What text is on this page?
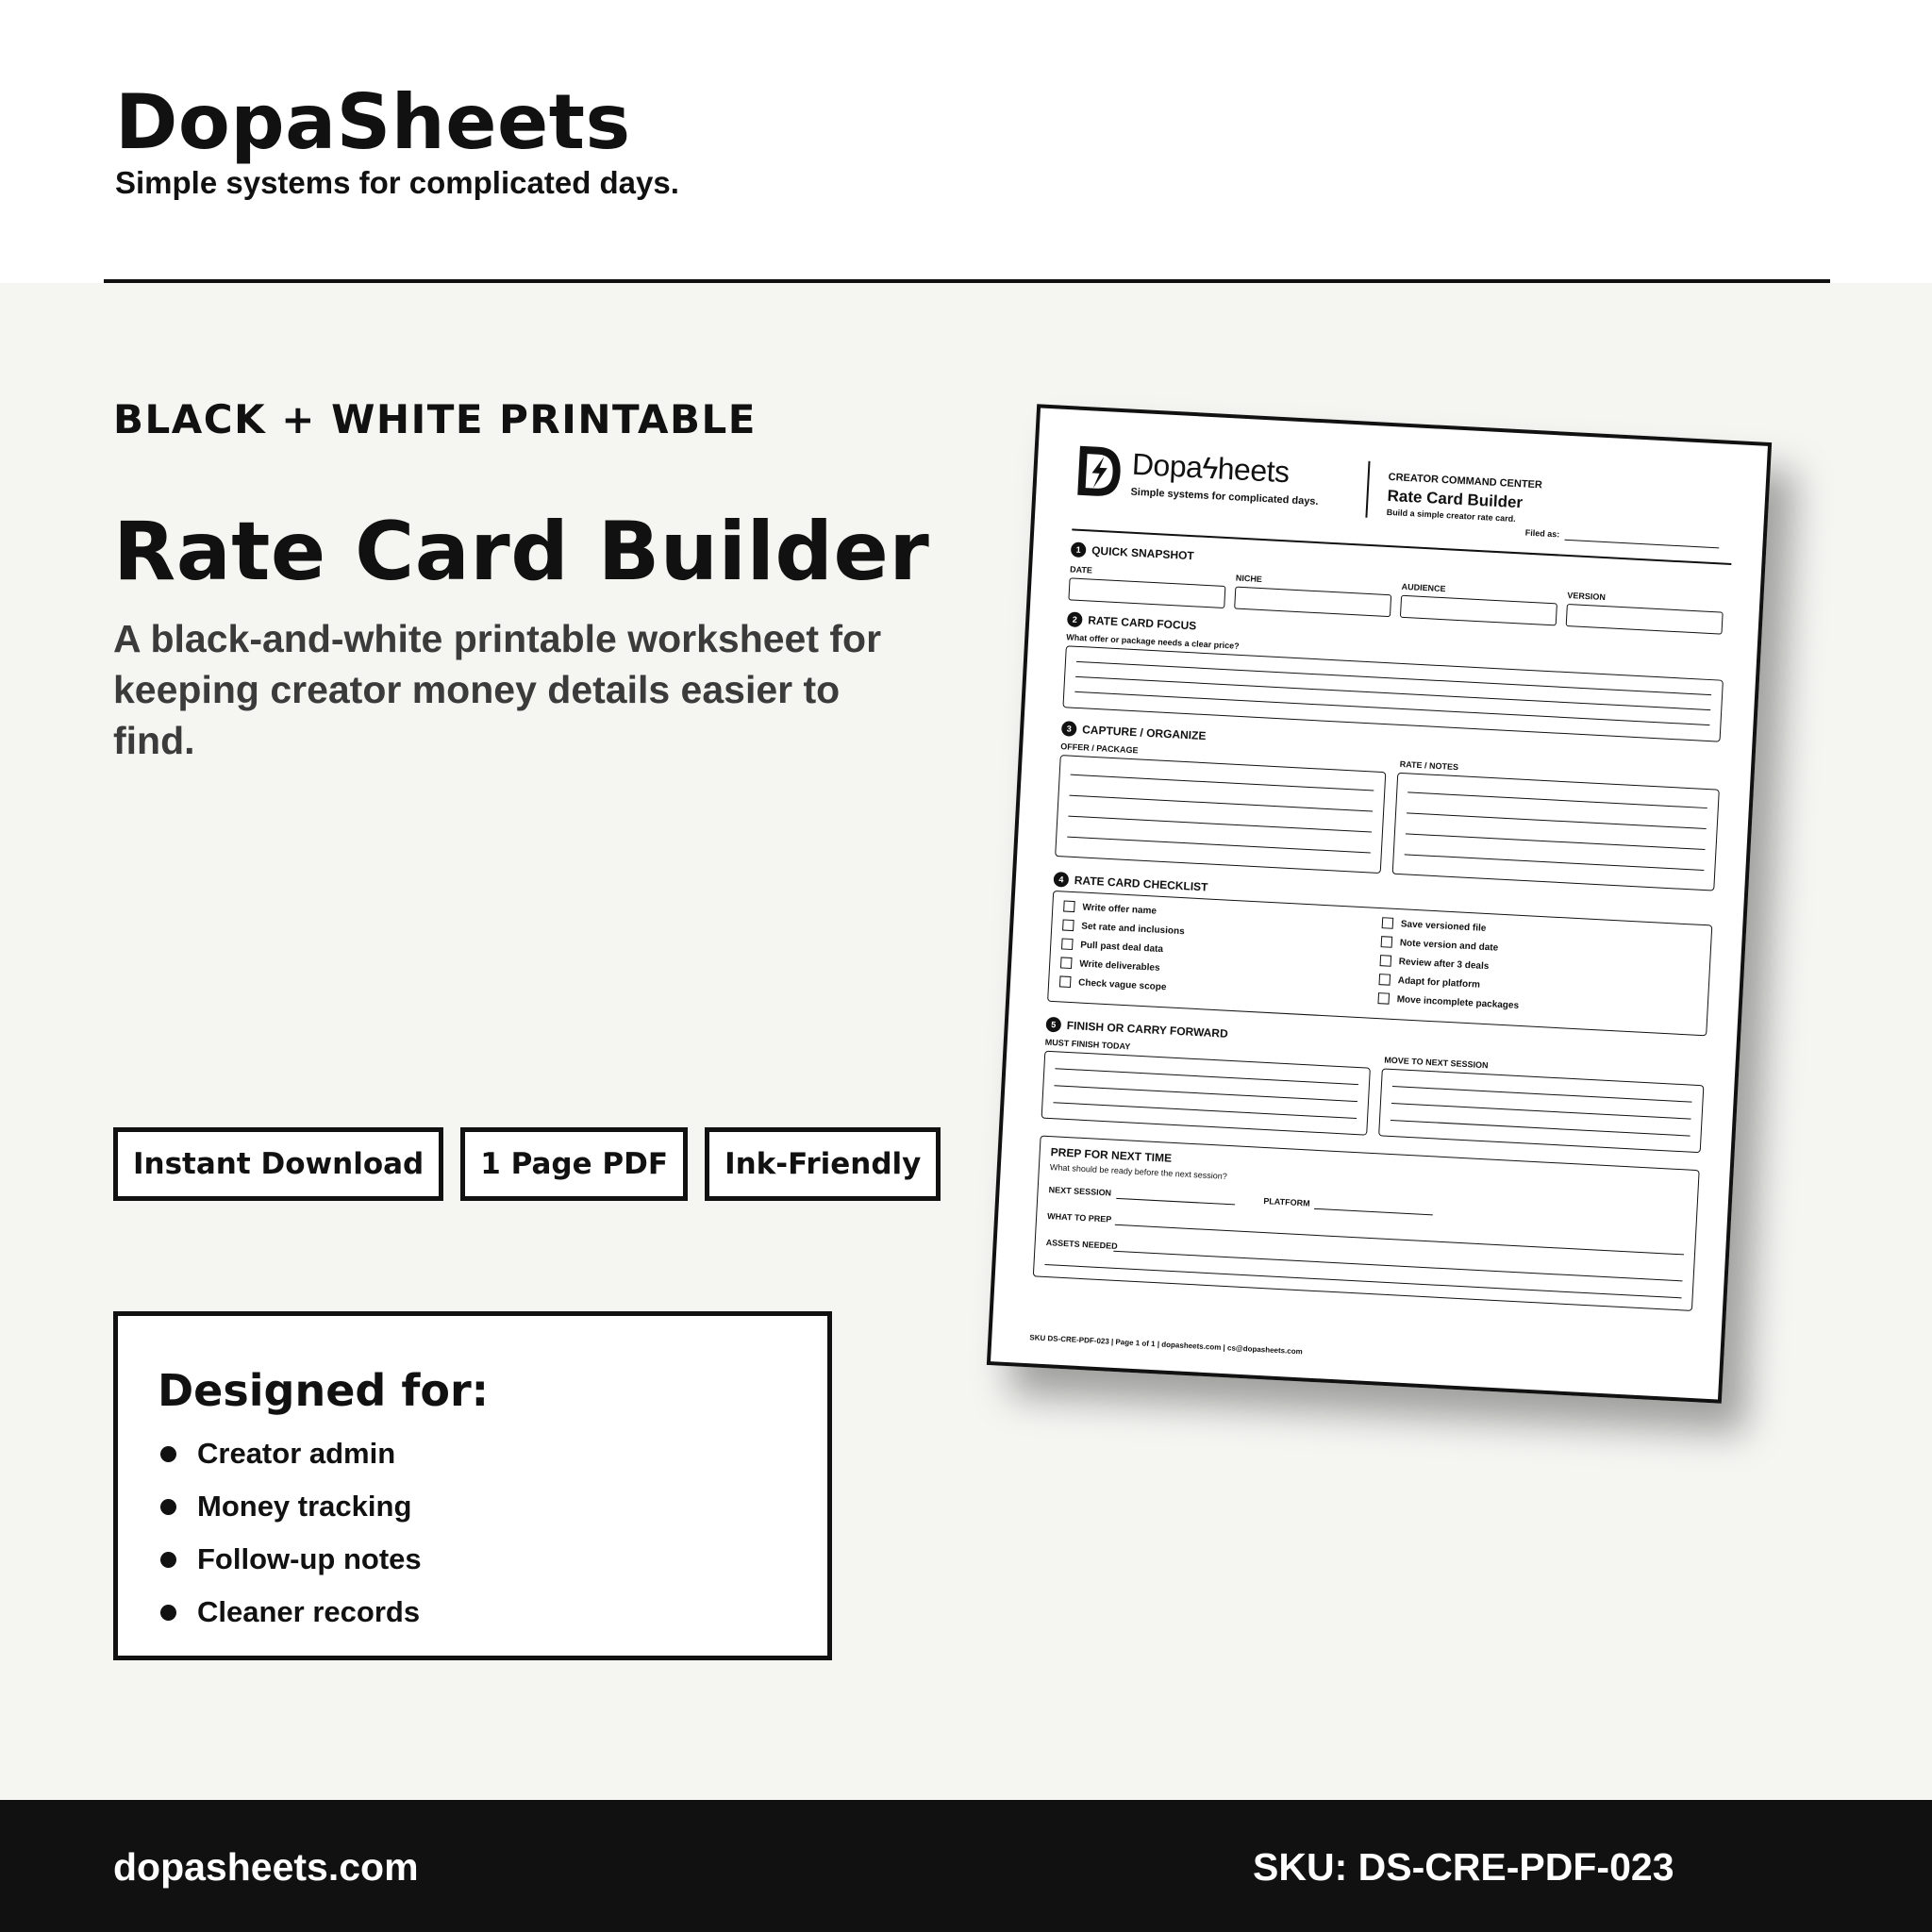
DopaSheets
Simple systems for complicated days.
BLACK + WHITE PRINTABLE
Rate Card Builder
A black-and-white printable worksheet for keeping creator money details easier to find.
Instant Download	1 Page PDF	Ink-Friendly
Designed for:
Creator admin
Money tracking
Follow-up notes
Cleaner records
Dopaϟheets
Simple systems for complicated days.
CREATOR COMMAND CENTER
Rate Card Builder
Build a simple creator rate card.
Filed as:
1 QUICK SNAPSHOT
DATE
NICHE
AUDIENCE
VERSION
2 RATE CARD FOCUS
What offer or package needs a clear price?
3 CAPTURE / ORGANIZE
OFFER / PACKAGE
RATE / NOTES
4 RATE CARD CHECKLIST
Write offer name
Set rate and inclusions
Pull past deal data
Write deliverables
Check vague scope
Save versioned file
Note version and date
Review after 3 deals
Adapt for platform
Move incomplete packages
5 FINISH OR CARRY FORWARD
MUST FINISH TODAY
MOVE TO NEXT SESSION
PREP FOR NEXT TIME
What should be ready before the next session?
NEXT SESSION
PLATFORM
WHAT TO PREP
ASSETS NEEDED
SKU DS-CRE-PDF-023 | Page 1 of 1 | dopasheets.com | cs@dopasheets.com
dopasheets.com	SKU: DS-CRE-PDF-023
